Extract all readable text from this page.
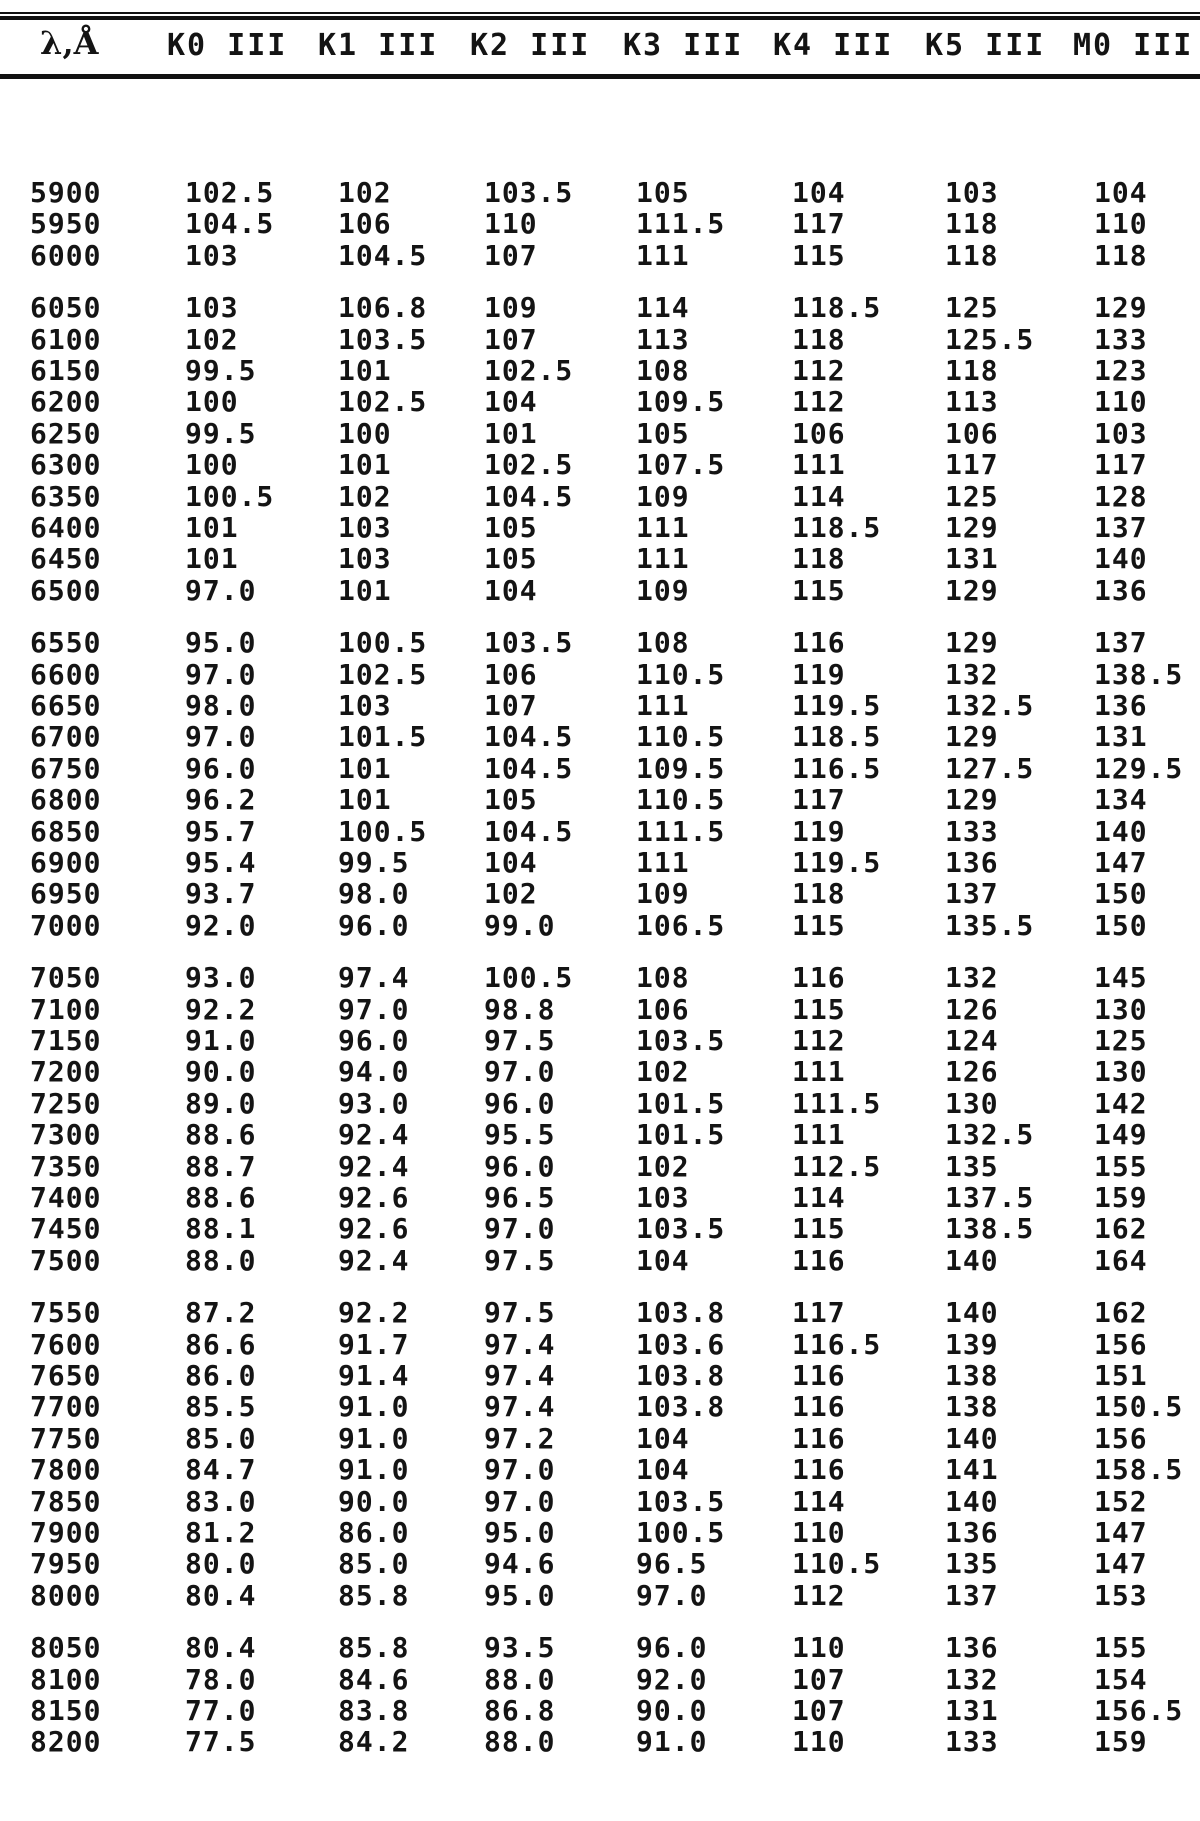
λ,Å K0 III K1 III K2 III K3 III K4 III K5 III M0 III
5900	102.5 102	103.5 105	104	103	104
5950	104.5 106	110	111.5 117	118	110
6000	103	104.5 107	111	115	118	118
6050	103	106.8 109	114	118.5 125	129
6100	102	103.5 107	113	118	125.5 133
6150	99.5	101	102.5 108	112	118	123
6200	100	102.5 104	109.5 112	113	110
6250	99.5	100	101	105	106	106	103
6300	100	101	102.5 107.5 111	117	117
6350	100.5 102	104.5 109	114	125	128
6400	101	103	105	111	118.5 129	137
6450	101	103	105	111	118	131	140
6500	97.0	101	104	109	115	129	136
6550	95.0	100.5 103.5 108	116	129	137
6600	97.0	102.5 106	110.5 119	132	138.5
6650	98.0	103	107	111	119.5 132.5 136
6700	97.0	101.5 104.5 110.5 118.5 129	131
6750	96.0	101	104.5 109.5 116.5 127.5 129.5
6800	96.2	101	105	110.5 117	129	134
6850	95.7	100.5 104.5 111.5 119	133	140
6900	95.4	99.5	104	111	119.5 136	147
6950	93.7	98.0	102	109	118	137	150
7000	92.0	96.0	99.0	106.5 115	135.5 150
7050	93.0	97.4	100.5 108	116	132	145
7100	92.2	97.0	98.8	106	115	126	130
7150	91.0	96.0	97.5	103.5 112	124	125
7200	90.0	94.0	97.0	102	111	126	130
7250	89.0	93.0	96.0	101.5 111.5 130	142
7300	88.6	92.4	95.5	101.5 111	132.5 149
7350	88.7	92.4	96.0	102	112.5 135	155
7400	88.6	92.6	96.5	103	114	137.5 159
7450	88.1	92.6	97.0	103.5 115	138.5 162
7500	88.0	92.4	97.5	104	116	140	164
7550	87.2	92.2	97.5	103.8 117	140	162
7600	86.6	91.7	97.4	103.6 116.5 139	156
7650	86.0	91.4	97.4	103.8 116	138	151
7700	85.5	91.0	97.4	103.8 116	138	150.5
7750	85.0	91.0	97.2	104	116	140	156
7800	84.7	91.0	97.0	104	116	141	158.5
7850	83.0	90.0	97.0	103.5 114	140	152
7900	81.2	86.0	95.0	100.5 110	136	147
7950	80.0	85.0	94.6	96.5	110.5 135	147
8000	80.4	85.8	95.0	97.0	112	137	153
8050	80.4	85.8	93.5	96.0	110	136	155
8100	78.0	84.6	88.0	92.0	107	132	154
8150	77.0	83.8	86.8	90.0	107	131	156.5
8200	77.5	84.2	88.0	91.0	110	133	159
